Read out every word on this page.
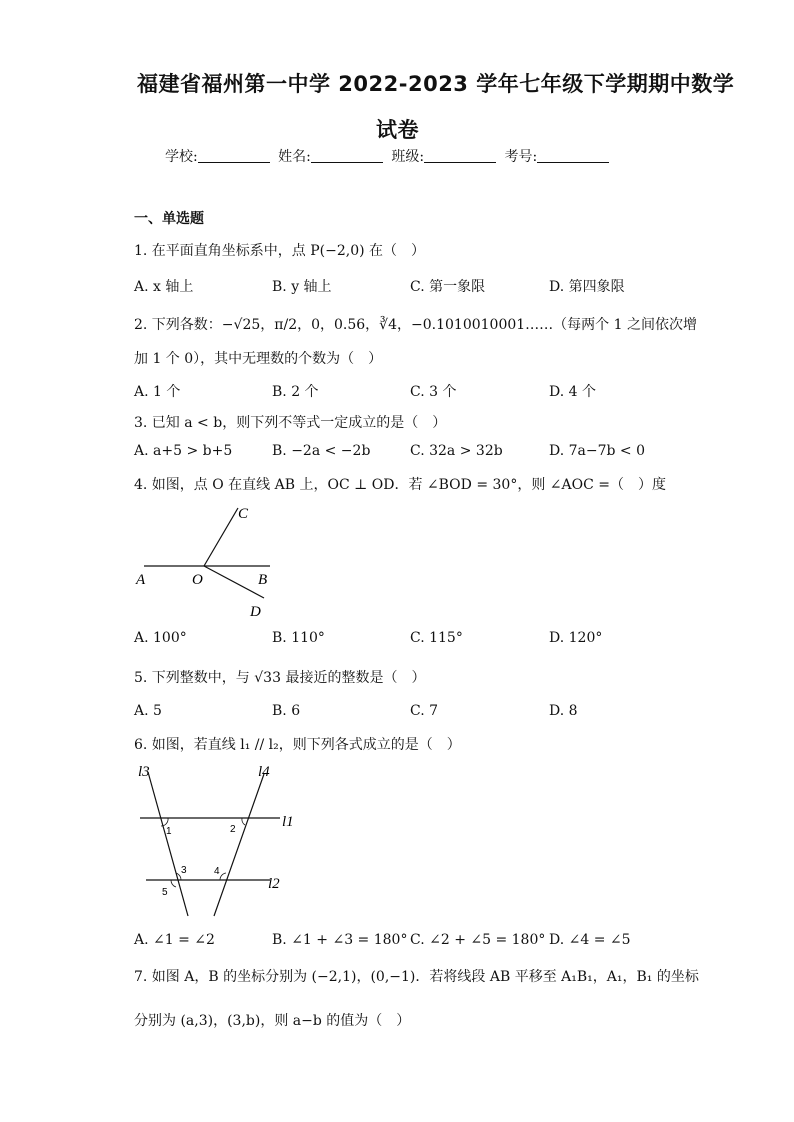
福建省福州第一中学 2022-2023 学年七年级下学期期中数学
试卷
学校:	姓名:	班级:	考号:
一、单选题
1. 在平面直角坐标系中，点 P(−2,0) 在（　）
A. x 轴上	B. y 轴上	C. 第一象限	D. 第四象限
2. 下列各数：−√25，π/2，0，0.56，∛4，−0.1010010001……（每两个 1 之间依次增
加 1 个 0），其中无理数的个数为（　）
A. 1 个	B. 2 个	C. 3 个	D. 4 个
3. 已知 a < b，则下列不等式一定成立的是（　）
A. a+5 > b+5	B. −2a < −2b	C. 32a > 32b	D. 7a−7b < 0
4. 如图，点 O 在直线 AB 上，OC ⊥ OD．若 ∠BOD = 30°，则 ∠AOC =（　）度
C
A	O	B
D
A. 100°	B. 110°	C. 115°	D. 120°
5. 下列整数中，与 √33 最接近的整数是（　）
A. 5	B. 6	C. 7	D. 8
6. 如图，若直线 l₁ // l₂，则下列各式成立的是（　）
l3	l4
l1
l2
1	2
3	4
5
A. ∠1 = ∠2	B. ∠1 + ∠3 = 180° C. ∠2 + ∠5 = 180° D. ∠4 = ∠5
7. 如图 A，B 的坐标分别为 (−2,1)，(0,−1)．若将线段 AB 平移至 A₁B₁，A₁，B₁ 的坐标
分别为 (a,3)，(3,b)，则 a−b 的值为（　）
